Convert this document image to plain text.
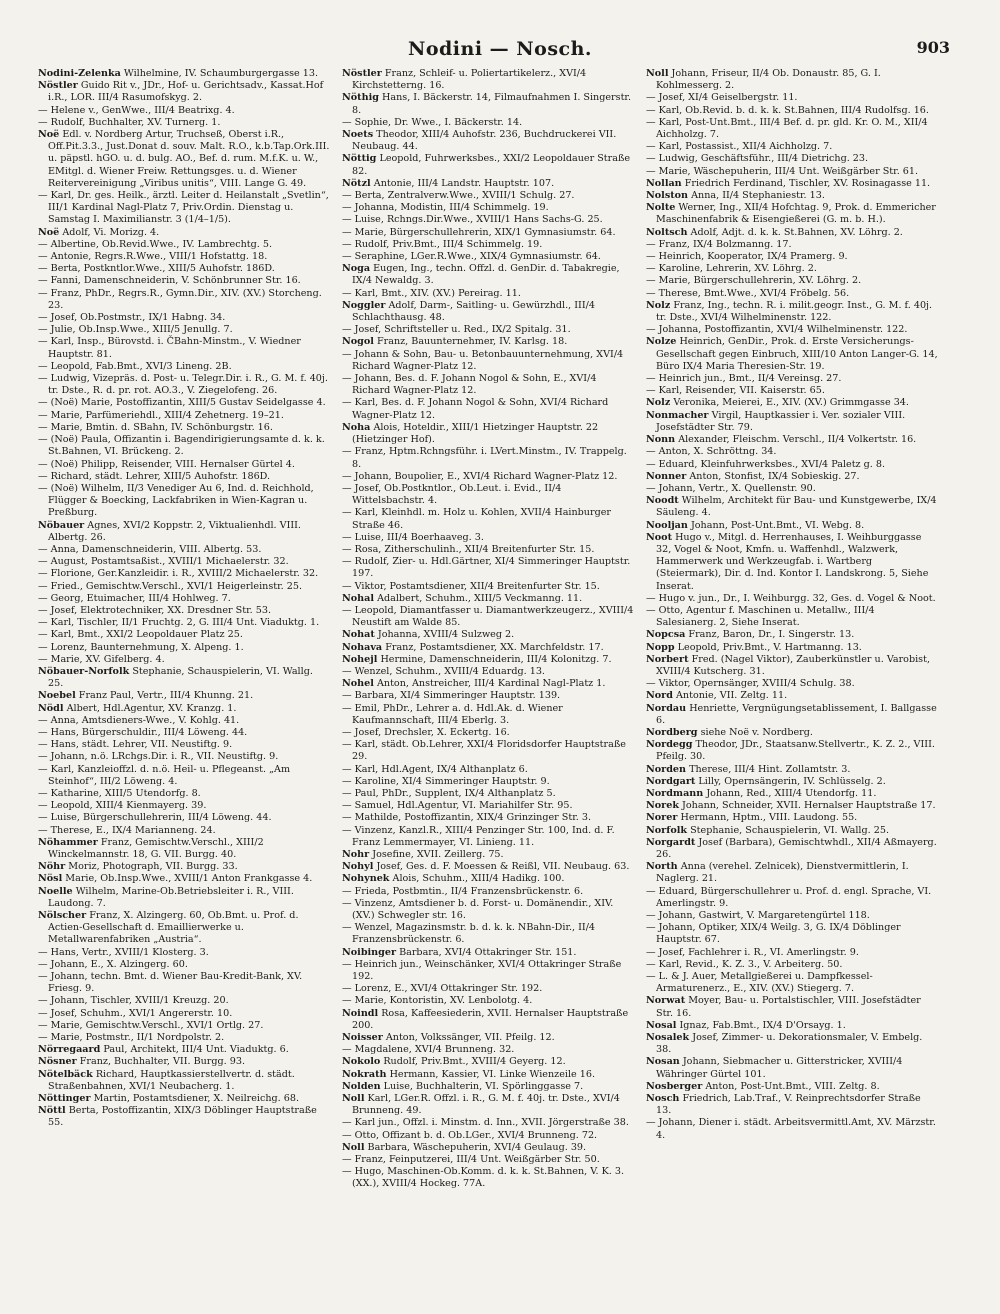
Nodini — Nosch.	903

Nodini-Zelenka Wilhelmine, IV. Schaumburgergasse 13.

Nöstler Guido Rit v., JDr., Hof- u. Gerichtsadv., Kassat.Hof i.R., LOR. III/4 Rasumofskyg. 2.

— Helene v., GenWwe., III/4 Beatrixg. 4.

— Rudolf, Buchhalter, XV. Turnerg. 1.

Noë Edl. v. Nordberg Artur, Truchseß, Oberst i.R., Off.Pit.3.3., Just.Donat d. souv. Malt. R.O., k.b.Tap.Ork.III. u. päpstl. hGO. u. d. bulg. AO., Bef. d. rum. M.f.K. u. W., EMitgl. d. Wiener Freiw. Rettungsges. u. d. Wiener Reitervereinigung „Viribus unitis“, VIII. Lange G. 49.

— Karl, Dr. ges. Heilk., ärztl. Leiter d. Heilanstalt „Svetlin“, III/1 Kardinal Nagl-Platz 7, Priv.Ordin. Dienstag u. Samstag I. Maximilianstr. 3 (1/4–1/5).

Noë Adolf, Vi. Morizg. 4.

— Albertine, Ob.Revid.Wwe., IV. Lambrechtg. 5.

— Antonie, Regrs.R.Wwe., VIII/1 Hofstattg. 18.

— Berta, Postkntlor.Wwe., XIII/5 Auhofstr. 186D.

— Fanni, Damenschneiderin, V. Schönbrunner Str. 16.

— Franz, PhDr., Regrs.R., Gymn.Dir., XIV. (XV.) Storcheng. 23.

— Josef, Ob.Postmstr., IX/1 Habng. 34.

— Julie, Ob.Insp.Wwe., XIII/5 Jenullg. 7.

— Karl, Insp., Bürovstd. i. ČBahn-Minstm., V. Wiedner Hauptstr. 81.

— Leopold, Fab.Bmt., XVI/3 Lineng. 2B.

— Ludwig, Vizepräs. d. Post- u. Telegr.Dir. i. R., G. M. f. 40j. tr. Dste., R. d. pr. rot. AO.3., V. Ziegelofeng. 26.

— (Noë) Marie, Postoffizantin, XIII/5 Gustav Seidelgasse 4.

— Marie, Parfümeriehdl., XIII/4 Zehetnerg. 19–21.

— Marie, Bmtin. d. SBahn, IV. Schönburgstr. 16.

— (Noë) Paula, Offizantin i. Bagendirigierungsamte d. k. k. St.Bahnen, VI. Brückeng. 2.

— (Noë) Philipp, Reisender, VIII. Hernalser Gürtel 4.

— Richard, städt. Lehrer, XIII/5 Auhofstr. 186D.

— (Noë) Wilhelm, II/3 Venediger Au 6, Ind. d. Reichhold, Flügger & Boecking, Lackfabriken in Wien-Kagran u. Preßburg.

Nöbauer Agnes, XVI/2 Koppstr. 2, Viktualienhdl. VIII. Albertg. 26.

— Anna, Damenschneiderin, VIII. Albertg. 53.

— August, Postamtsaßist., XVIII/1 Michaelerstr. 32.

— Florione, Ger.Kanzleidir. i. R., XVIII/2 Michaelerstr. 32.

— Fried., Gemischtw.Verschl., XVI/1 Heigerleinstr. 25.

— Georg, Etuimacher, III/4 Hohlweg. 7.

— Josef, Elektrotechniker, XX. Dresdner Str. 53.

— Karl, Tischler, II/1 Fruchtg. 2, G. III/4 Unt. Viaduktg. 1.

— Karl, Bmt., XXI/2 Leopoldauer Platz 25.

— Lorenz, Baunternehmung, X. Alpeng. 1.

— Marie, XV. Gifelberg. 4.

Nöbauer-Norfolk Stephanie, Schauspielerin, VI. Wallg. 25.

Noebel Franz Paul, Vertr., III/4 Khunng. 21.

Nödl Albert, Hdl.Agentur, XV. Kranzg. 1.

— Anna, Amtsdieners-Wwe., V. Kohlg. 41.

— Hans, Bürgerschuldir., III/4 Löweng. 44.

— Hans, städt. Lehrer, VII. Neustiftg. 9.

— Johann, n.ö. LRchgs.Dir. i. R., VII. Neustiftg. 9.

— Karl, Kanzleioffzl. d. n.ö. Heil- u. Pflegeanst. „Am Steinhof“, III/2 Löweng. 4.

— Katharine, XIII/5 Utendorfg. 8.

— Leopold, XIII/4 Kienmayerg. 39.

— Luise, Bürgerschullehrerin, III/4 Löweng. 44.

— Therese, E., IX/4 Marianneng. 24.

Nöhammer Franz, Gemischtw.Verschl., XIII/2 Winckelmannstr. 18, G. VII. Burgg. 40.

Nöhr Moriz, Photograph, VII. Burgg. 33.

Nösl Marie, Ob.Insp.Wwe., XVIII/1 Anton Frankgasse 4.

Noelle Wilhelm, Marine-Ob.Betriebsleiter i. R., VIII. Laudong. 7.

Nölscher Franz, X. Alzingerg. 60, Ob.Bmt. u. Prof. d. Actien-Gesellschaft d. Emaillierwerke u. Metallwarenfabriken „Austria“.

— Hans, Vertr., XVIII/1 Klosterg. 3.

— Johann, E., X. Alzingerg. 60.

— Johann, techn. Bmt. d. Wiener Bau-Kredit-Bank, XV. Friesg. 9.

— Johann, Tischler, XVIII/1 Kreuzg. 20.

— Josef, Schuhm., XVI/1 Angererstr. 10.

— Marie, Gemischtw.Verschl., XVI/1 Ortlg. 27.

— Marie, Postmstr., II/1 Nordpolstr. 2.

Nörregaard Paul, Architekt, III/4 Unt. Viaduktg. 6.

Nösner Franz, Buchhalter, VII. Burgg. 93.

Nötelbäck Richard, Hauptkassierstellvertr. d. städt. Straßenbahnen, XVI/1 Neubacherg. 1.

Nöttinger Martin, Postamtsdiener, X. Neilreichg. 68.

Nöttl Berta, Postoffizantin, XIX/3 Döblinger Hauptstraße 55.

Nöstler Franz, Schleif- u. Poliertartikelerz., XVI/4 Kirchstetterng. 16.

Nöthig Hans, I. Bäckerstr. 14, Filmaufnahmen I. Singerstr. 8.

— Sophie, Dr. Wwe., I. Bäckerstr. 14.

Noets Theodor, XIII/4 Auhofstr. 236, Buchdruckerei VII. Neubaug. 44.

Nöttig Leopold, Fuhrwerksbes., XXI/2 Leopoldauer Straße 82.

Nötzl Antonie, III/4 Landstr. Hauptstr. 107.

— Berta, Zentralverw.Wwe., XVIII/1 Schulg. 27.

— Johanna, Modistin, III/4 Schimmelg. 19.

— Luise, Rchngs.Dir.Wwe., XVIII/1 Hans Sachs-G. 25.

— Marie, Bürgerschullehrerin, XIX/1 Gymnasiumstr. 64.

— Rudolf, Priv.Bmt., III/4 Schimmelg. 19.

— Seraphine, LGer.R.Wwe., XIX/4 Gymnasiumstr. 64.

Noga Eugen, Ing., techn. Offzl. d. GenDir. d. Tabakregie, IX/4 Newaldg. 3.

— Karl, Bmt., XIV. (XV.) Pereirag. 11.

Noggler Adolf, Darm-, Saitling- u. Gewürzhdl., III/4 Schlachthausg. 48.

— Josef, Schriftsteller u. Red., IX/2 Spitalg. 31.

Nogol Franz, Bauunternehmer, IV. Karlsg. 18.

— Johann & Sohn, Bau- u. Betonbauunternehmung, XVI/4 Richard Wagner-Platz 12.

— Johann, Bes. d. F. Johann Nogol & Sohn, E., XVI/4 Richard Wagner-Platz 12.

— Karl, Bes. d. F. Johann Nogol & Sohn, XVI/4 Richard Wagner-Platz 12.

Noha Alois, Hoteldir., XIII/1 Hietzinger Hauptstr. 22 (Hietzinger Hof).

— Franz, Hptm.Rchngsführ. i. LVert.Minstm., IV. Trappelg. 8.

— Johann, Boupolier, E., XVI/4 Richard Wagner-Platz 12.

— Josef, Ob.Postkntlor., Ob.Leut. i. Evid., II/4 Wittelsbachstr. 4.

— Karl, Kleinhdl. m. Holz u. Kohlen, XVII/4 Hainburger Straße 46.

— Luise, III/4 Boerhaaveg. 3.

— Rosa, Zitherschulinh., XII/4 Breitenfurter Str. 15.

— Rudolf, Zier- u. Hdl.Gärtner, XI/4 Simmeringer Hauptstr. 197.

— Viktor, Postamtsdiener, XII/4 Breitenfurter Str. 15.

Nohal Adalbert, Schuhm., XIII/5 Veckmanng. 11.

— Leopold, Diamantfasser u. Diamantwerkzeugerz., XVIII/4 Neustift am Walde 85.

Nohat Johanna, XVIII/4 Sulzweg 2.

Nohava Franz, Postamtsdiener, XX. Marchfeldstr. 17.

Nohejl Hermine, Damenschneiderin, III/4 Kolonitzg. 7.

— Wenzel, Schuhm., XVIII/4 Eduardg. 13.

Nohel Anton, Anstreicher, III/4 Kardinal Nagl-Platz 1.

— Barbara, XI/4 Simmeringer Hauptstr. 139.

— Emil, PhDr., Lehrer a. d. Hdl.Ak. d. Wiener Kaufmannschaft, III/4 Eberlg. 3.

— Josef, Drechsler, X. Eckertg. 16.

— Karl, städt. Ob.Lehrer, XXI/4 Floridsdorfer Hauptstraße 29.

— Karl, Hdl.Agent, IX/4 Althanplatz 6.

— Karoline, XI/4 Simmeringer Hauptstr. 9.

— Paul, PhDr., Supplent, IX/4 Althanplatz 5.

— Samuel, Hdl.Agentur, VI. Mariahilfer Str. 95.

— Mathilde, Postoffizantin, XIX/4 Grinzinger Str. 3.

— Vinzenz, Kanzl.R., XIII/4 Penzinger Str. 100, Ind. d. F. Franz Lemmermayer, VI. Linieng. 11.

Nohr Josefine, XVII. Zeillerg. 75.

Nohyl Josef, Ges. d. F. Moessen & Reißl, VII. Neubaug. 63.

Nohynek Alois, Schuhm., XIII/4 Hadikg. 100.

— Frieda, Postbmtin., II/4 Franzensbrückenstr. 6.

— Vinzenz, Amtsdiener b. d. Forst- u. Domänendir., XIV. (XV.) Schwegler str. 16.

— Wenzel, Magazinsmstr. b. d. k. k. NBahn-Dir., II/4 Franzensbrückenstr. 6.

Noibinger Barbara, XVI/4 Ottakringer Str. 151.

— Heinrich jun., Weinschänker, XVI/4 Ottakringer Straße 192.

— Lorenz, E., XVI/4 Ottakringer Str. 192.

— Marie, Kontoristin, XV. Lenbolotg. 4.

Noindl Rosa, Kaffeesiederin, XVII. Hernalser Hauptstraße 200.

Noisser Anton, Volkssänger, VII. Pfeilg. 12.

— Magdalene, XVI/4 Brunneng. 32.

Nokolo Rudolf, Priv.Bmt., XVIII/4 Geyerg. 12.

Nokrath Hermann, Kassier, VI. Linke Wienzeile 16.

Nolden Luise, Buchhalterin, VI. Spörlinggasse 7.

Noll Karl, LGer.R. Offzl. i. R., G. M. f. 40j. tr. Dste., XVI/4 Brunneng. 49.

— Karl jun., Offzl. i. Minstm. d. Inn., XVII. Jörgerstraße 38.

— Otto, Offizant b. d. Ob.LGer., XVI/4 Brunneng. 72.

Noll Barbara, Wäschepuherin, XVI/4 Geulaug. 39.

— Franz, Feinputzerei, III/4 Unt. Weißgärber Str. 50.

— Hugo, Maschinen-Ob.Komm. d. k. k. St.Bahnen, V. K. 3. (XX.), XVIII/4 Hockeg. 77A.

Noll Johann, Friseur, II/4 Ob. Donaustr. 85, G. I. Kohlmesserg. 2.

— Josef, XI/4 Geiselbergstr. 11.

— Karl, Ob.Revid. b. d. k. k. St.Bahnen, III/4 Rudolfsg. 16.

— Karl, Post-Unt.Bmt., III/4 Bef. d. pr. gld. Kr. O. M., XII/4 Aichholzg. 7.

— Karl, Postassist., XII/4 Aichholzg. 7.

— Ludwig, Geschäftsführ., III/4 Dietrichg. 23.

— Marie, Wäschepuherin, III/4 Unt. Weißgärber Str. 61.

Nollan Friedrich Ferdinand, Tischler, XV. Rosinagasse 11.

Nolston Anna, II/4 Stephaniestr. 13.

Nolte Werner, Ing., XII/4 Hofchtag. 9, Prok. d. Emmericher Maschinenfabrik & Eisengießerei (G. m. b. H.).

Noltsch Adolf, Adjt. d. k. k. St.Bahnen, XV. Löhrg. 2.

— Franz, IX/4 Bolzmanng. 17.

— Heinrich, Kooperator, IX/4 Pramerg. 9.

— Karoline, Lehrerin, XV. Löhrg. 2.

— Marie, Bürgerschullehrerin, XV. Löhrg. 2.

— Therese, Bmt.Wwe., XVI/4 Fröbelg. 56.

Nolz Franz, Ing., techn. R. i. milit.geogr. Inst., G. M. f. 40j. tr. Dste., XVI/4 Wilhelminenstr. 122.

— Johanna, Postoffizantin, XVI/4 Wilhelminenstr. 122.

Nolze Heinrich, GenDir., Prok. d. Erste Versicherungs-Gesellschaft gegen Einbruch, XIII/10 Anton Langer-G. 14, Büro IX/4 Maria Theresien-Str. 19.

— Heinrich jun., Bmt., II/4 Vereinsg. 27.

— Karl, Reisender, VII. Kaiserstr. 65.

Nolz Veronika, Meierei, E., XIV. (XV.) Grimmgasse 34.

Nonmacher Virgil, Hauptkassier i. Ver. sozialer VIII. Josefstädter Str. 79.

Nonn Alexander, Fleischm. Verschl., II/4 Volkertstr. 16.

— Anton, X. Schröttng. 34.

— Eduard, Kleinfuhrwerksbes., XVI/4 Paletz g. 8.

Nonner Anton, Stonfist, IX/4 Sobieskig. 27.

— Johann, Vertr., X. Quellenstr. 90.

Noodt Wilhelm, Architekt für Bau- und Kunstgewerbe, IX/4 Säuleng. 4.

Nooljan Johann, Post-Unt.Bmt., VI. Webg. 8.

Noot Hugo v., Mitgl. d. Herrenhauses, I. Weihburggasse 32, Vogel & Noot, Kmfn. u. Waffenhdl., Walzwerk, Hammerwerk und Werkzeugfab. i. Wartberg (Steiermark), Dir. d. Ind. Kontor I. Landskrong. 5, Siehe Inserat.

— Hugo v. jun., Dr., I. Weihburgg. 32, Ges. d. Vogel & Noot.

— Otto, Agentur f. Maschinen u. Metallw., III/4 Salesianerg. 2, Siehe Inserat.

Nopcsa Franz, Baron, Dr., I. Singerstr. 13.

Nopp Leopold, Priv.Bmt., V. Hartmanng. 13.

Norbert Fred. (Nagel Viktor), Zauberkünstler u. Varobist, XVIII/4 Kutscherg. 31.

— Viktor, Opernsänger, XVIII/4 Schulg. 38.

Nord Antonie, VII. Zeltg. 11.

Nordau Henriette, Vergnügungsetablissement, I. Ballgasse 6.

Nordberg siehe Noë v. Nordberg.

Nordegg Theodor, JDr., Staatsanw.Stellvertr., K. Z. 2., VIII. Pfeilg. 30.

Norden Therese, III/4 Hint. Zollamtstr. 3.

Nordgart Lilly, Opernsängerin, IV. Schlüsselg. 2.

Nordmann Johann, Red., XIII/4 Utendorfg. 11.

Norek Johann, Schneider, XVII. Hernalser Hauptstraße 17.

Norer Hermann, Hptm., VIII. Laudong. 55.

Norfolk Stephanie, Schauspielerin, VI. Wallg. 25.

Norgardt Josef (Barbara), Gemischtwhdl., XII/4 Aßmayerg. 26.

North Anna (verehel. Zelnicek), Dienstvermittlerin, I. Naglerg. 21.

— Eduard, Bürgerschullehrer u. Prof. d. engl. Sprache, VI. Amerlingstr. 9.

— Johann, Gastwirt, V. Margaretengürtel 118.

— Johann, Optiker, XIX/4 Weilg. 3, G. IX/4 Döblinger Hauptstr. 67.

— Josef, Fachlehrer i. R., VI. Amerlingstr. 9.

— Karl, Revid., K. Z. 3., V. Arbeiterg. 50.

— L. & J. Auer, Metallgießerei u. Dampfkessel-Armaturenerz., E., XIV. (XV.) Stiegerg. 7.

Norwat Moyer, Bau- u. Portalstischler, VIII. Josefstädter Str. 16.

Nosal Ignaz, Fab.Bmt., IX/4 D'Orsayg. 1.

Nosalek Josef, Zimmer- u. Dekorationsmaler, V. Embelg. 38.

Nosan Johann, Siebmacher u. Gitterstricker, XVIII/4 Währinger Gürtel 101.

Nosberger Anton, Post-Unt.Bmt., VIII. Zeltg. 8.

Nosch Friedrich, Lab.Traf., V. Reinprechtsdorfer Straße 13.

— Johann, Diener i. städt. Arbeitsvermittl.Amt, XV. Märzstr. 4.
